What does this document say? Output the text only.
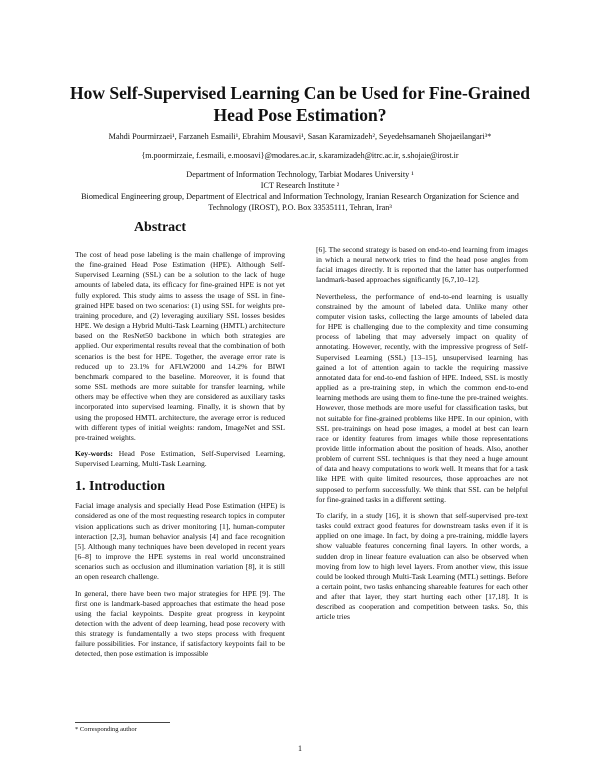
How Self-Supervised Learning Can be Used for Fine-Grained Head Pose Estimation?
Mahdi Pourmirzaei¹, Farzaneh Esmaili¹, Ebrahim Mousavi¹, Sasan Karamizadeh², Seyedehsamaneh Shojaeilangari³*
{m.poormirzaie, f.esmaili, e.moosavi}@modares.ac.ir, s.karamizadeh@itrc.ac.ir, s.shojaie@irost.ir
Department of Information Technology, Tarbiat Modares University ¹
ICT Research Institute ²
Biomedical Engineering group, Department of Electrical and Information Technology, Iranian Research Organization for Science and Technology (IROST), P.O. Box 33535111, Tehran, Iran³
Abstract

The cost of head pose labeling is the main challenge of improving the fine-grained Head Pose Estimation (HPE). Although Self-Supervised Learning (SSL) can be a solution to the lack of huge amounts of labeled data, its efficacy for fine-grained HPE is not yet fully explored. This study aims to assess the usage of SSL in fine-grained HPE based on two scenarios: (1) using SSL for weights pre-training procedure, and (2) leveraging auxiliary SSL losses besides HPE. We design a Hybrid Multi-Task Learning (HMTL) architecture based on the ResNet50 backbone in which both strategies are applied. Our experimental results reveal that the combination of both scenarios is the best for HPE. Together, the average error rate is reduced up to 23.1% for AFLW2000 and 14.2% for BIWI benchmark compared to the baseline. Moreover, it is found that some SSL methods are more suitable for transfer learning, while others may be effective when they are considered as auxiliary tasks incorporated into supervised learning. Finally, it is shown that by using the proposed HMTL architecture, the average error is reduced with different types of initial weights: random, ImageNet and SSL pre-trained weights.

Key-words: Head Pose Estimation, Self-Supervised Learning, Supervised Learning, Multi-Task Learning.

1. Introduction

Facial image analysis and specially Head Pose Estimation (HPE) is considered as one of the most requesting research topics in computer vision applications such as driver monitoring [1], human-computer interaction [2,3], human behavior analysis [4] and face recognition [5]. Although many techniques have been developed in recent years [6–8] to improve the HPE systems in real world unconstrained scenarios such as occlusion and illumination variation [8], it is still an open research challenge.

In general, there have been two major strategies for HPE [9]. The first one is landmark-based approaches that estimate the head pose using the facial keypoints. Despite great progress in keypoint detection with the advent of deep learning, head pose recovery with this strategy is fundamentally a two steps process with frequent failure possibilities. For instance, if satisfactory keypoints fail to be detected, then pose estimation is impossible

[6]. The second strategy is based on end-to-end learning from images in which a neural network tries to find the head pose angles from facial images directly. It is reported that the latter has outperformed landmark-based approaches significantly [6,7,10–12].

Nevertheless, the performance of end-to-end learning is usually constrained by the amount of labeled data. Unlike many other computer vision tasks, collecting the large amounts of labeled data for HPE is challenging due to the complexity and time consuming process of labeling that may adversely impact on quality of annotating. However, recently, with the impressive progress of Self-Supervised Learning (SSL) [13–15], unsupervised learning has gained a lot of attention again to tackle the requiring massive annotated data for end-to-end fashion of HPE. Indeed, SSL is mostly applied as a pre-training step, in which the common end-to-end learning methods are using them to fine-tune the pre-trained weights. However, those methods are more useful for classification tasks, but not suitable for fine-grained problems like HPE. In our opinion, with SSL pre-trainings on head pose images, a model at best can learn race or identity features from images while those representations provide little information about the position of heads. Also, another problem of current SSL techniques is that they need a huge amount of data and heavy computations to work well. It means that for a task like HPE with quite limited resources, those approaches are not supposed to perform successfully. We think that SSL can be helpful for fine-grained tasks in a different setting.

To clarify, in a study [16], it is shown that self-supervised pre-text tasks could extract good features for downstream tasks even if it is applied on one image. In fact, by doing a pre-training, middle layers show valuable features concerning final layers. In other words, a sudden drop in linear feature evaluation can also be observed when moving from low to high level layers. From another view, this issue could be looked through Multi-Task Learning (MTL) settings. Before a certain point, two tasks enhancing shareable features for each other and after that layer, they start hurting each other [17,18]. It is described as cooperation and competition between tasks. So, this article tries

* Corresponding author
1
